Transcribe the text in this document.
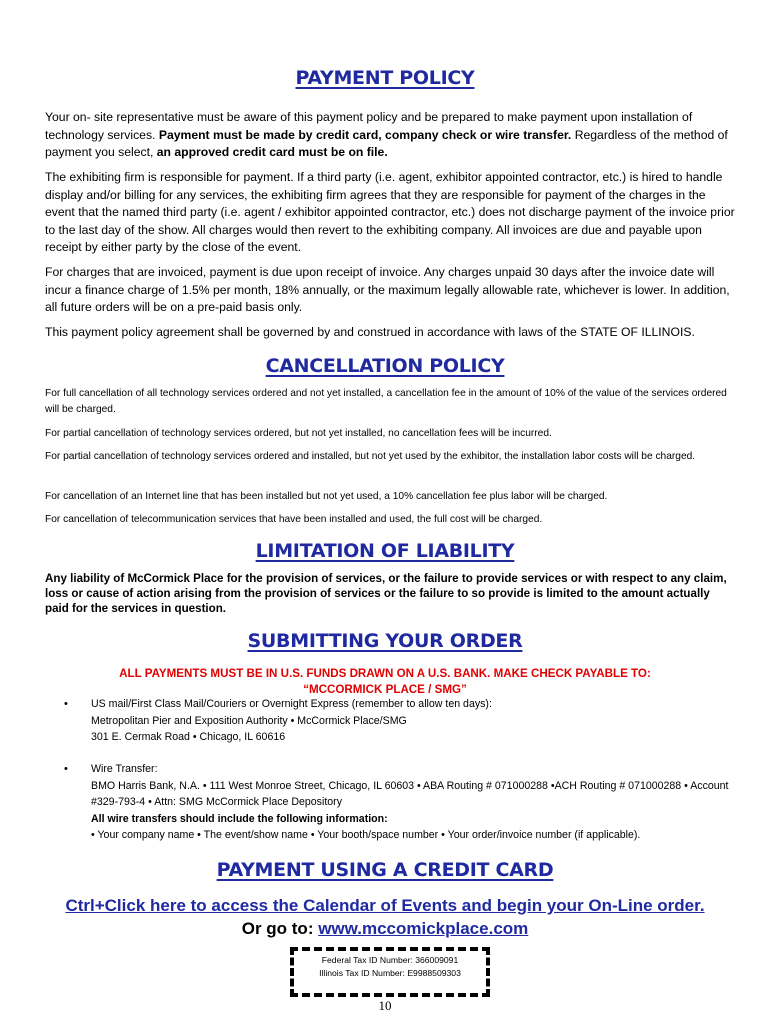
PAYMENT POLICY
Your on- site representative must be aware of this payment policy and be prepared to make payment upon installation of technology services. Payment must be made by credit card, company check or wire transfer. Regardless of the method of payment you select, an approved credit card must be on file.
The exhibiting firm is responsible for payment. If a third party (i.e. agent, exhibitor appointed contractor, etc.) is hired to handle display and/or billing for any services, the exhibiting firm agrees that they are responsible for payment of the charges in the event that the named third party (i.e. agent / exhibitor appointed contractor, etc.) does not discharge payment of the invoice prior to the last day of the show. All charges would then revert to the exhibiting company. All invoices are due and payable upon receipt by either party by the close of the event.
For charges that are invoiced, payment is due upon receipt of invoice. Any charges unpaid 30 days after the invoice date will incur a finance charge of 1.5% per month, 18% annually, or the maximum legally allowable rate, whichever is lower. In addition, all future orders will be on a pre-paid basis only.
This payment policy agreement shall be governed by and construed in accordance with laws of the STATE OF ILLINOIS.
CANCELLATION POLICY
For full cancellation of all technology services ordered and not yet installed, a cancellation fee in the amount of 10% of the value of the services ordered will be charged.
For partial cancellation of technology services ordered, but not yet installed, no cancellation fees will be incurred.
For partial cancellation of technology services ordered and installed, but not yet used by the exhibitor, the installation labor costs will be charged.
For cancellation of an Internet line that has been installed but not yet used, a 10% cancellation fee plus labor will be charged.
For cancellation of telecommunication services that have been installed and used, the full cost will be charged.
LIMITATION OF LIABILITY
Any liability of McCormick Place for the provision of services, or the failure to provide services or with respect to any claim, loss or cause of action arising from the provision of services or the failure to so provide is limited to the amount actually paid for the services in question.
SUBMITTING YOUR ORDER
ALL PAYMENTS MUST BE IN U.S. FUNDS DRAWN ON A U.S. BANK. MAKE CHECK PAYABLE TO:
“MCCORMICK PLACE / SMG”
• US mail/First Class Mail/Couriers or Overnight Express (remember to allow ten days):
Metropolitan Pier and Exposition Authority • McCormick Place/SMG
301 E. Cermak Road • Chicago, IL 60616
• Wire Transfer:
BMO Harris Bank, N.A. • 111 West Monroe Street, Chicago, IL 60603 • ABA Routing # 071000288 •ACH Routing # 071000288 • Account #329-793-4 • Attn: SMG McCormick Place Depository
All wire transfers should include the following information:
• Your company name • The event/show name • Your booth/space number • Your order/invoice number (if applicable).
PAYMENT USING A CREDIT CARD
Ctrl+Click here to access the Calendar of Events and begin your On-Line order.
Or go to: www.mccomickplace.com
Federal Tax ID Number: 366009091
Illinois Tax ID Number: E9988509303
10
